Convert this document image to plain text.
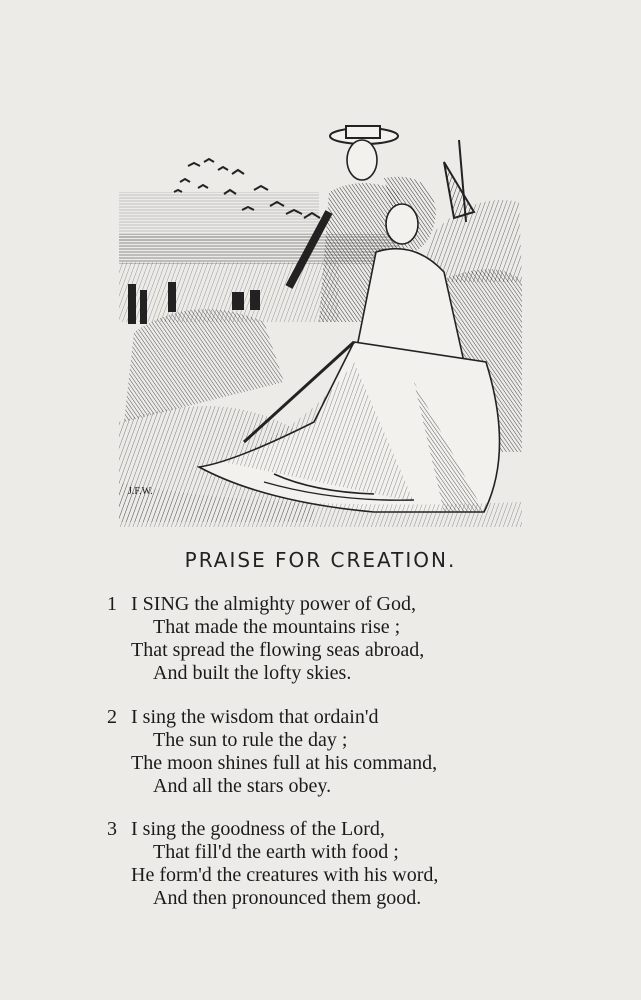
J.F.W.
PRAISE FOR CREATION.
1 I SING the almighty power of God,
That made the mountains rise ;
That spread the flowing seas abroad,
And built the lofty skies.
2 I sing the wisdom that ordain'd
The sun to rule the day ;
The moon shines full at his command,
And all the stars obey.
3 I sing the goodness of the Lord,
That fill'd the earth with food ;
He form'd the creatures with his word,
And then pronounced them good.
